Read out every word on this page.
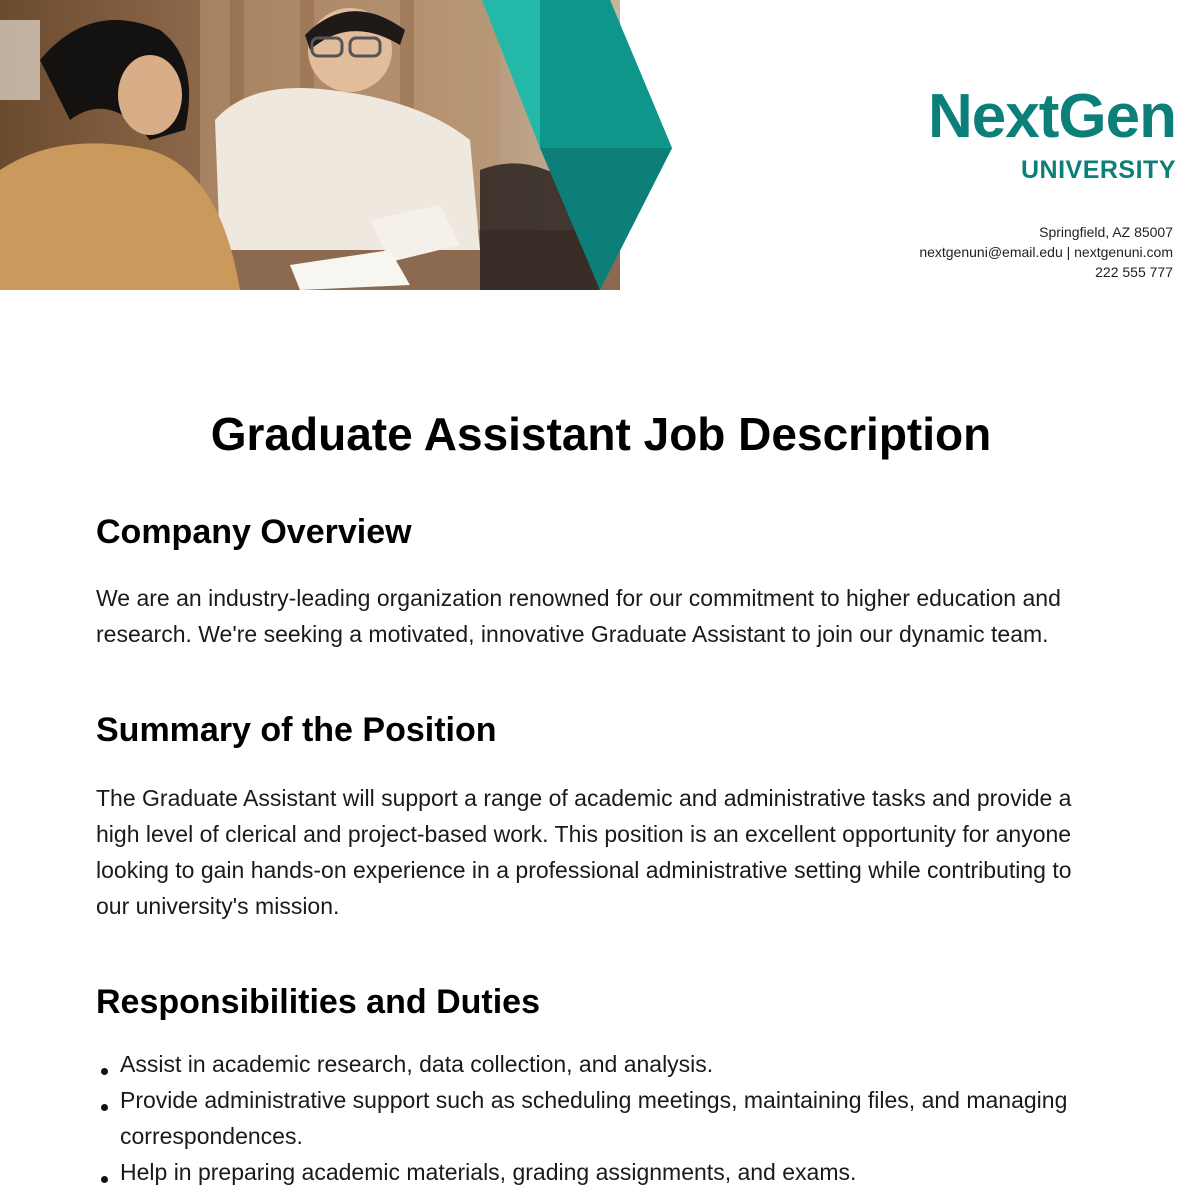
NextGen
UNIVERSITY
Springfield, AZ 85007
nextgenuni@email.edu | nextgenuni.com
222 555 777
Graduate Assistant Job Description
Company Overview

We are an industry-leading organization renowned for our commitment to higher education and research. We're seeking a motivated, innovative Graduate Assistant to join our dynamic team.

Summary of the Position

The Graduate Assistant will support a range of academic and administrative tasks and provide a high level of clerical and project-based work. This position is an excellent opportunity for anyone looking to gain hands-on experience in a professional administrative setting while contributing to our university's mission.

Responsibilities and Duties
Assist in academic research, data collection, and analysis.
Provide administrative support such as scheduling meetings, maintaining files, and managing correspondences.
Help in preparing academic materials, grading assignments, and exams.
